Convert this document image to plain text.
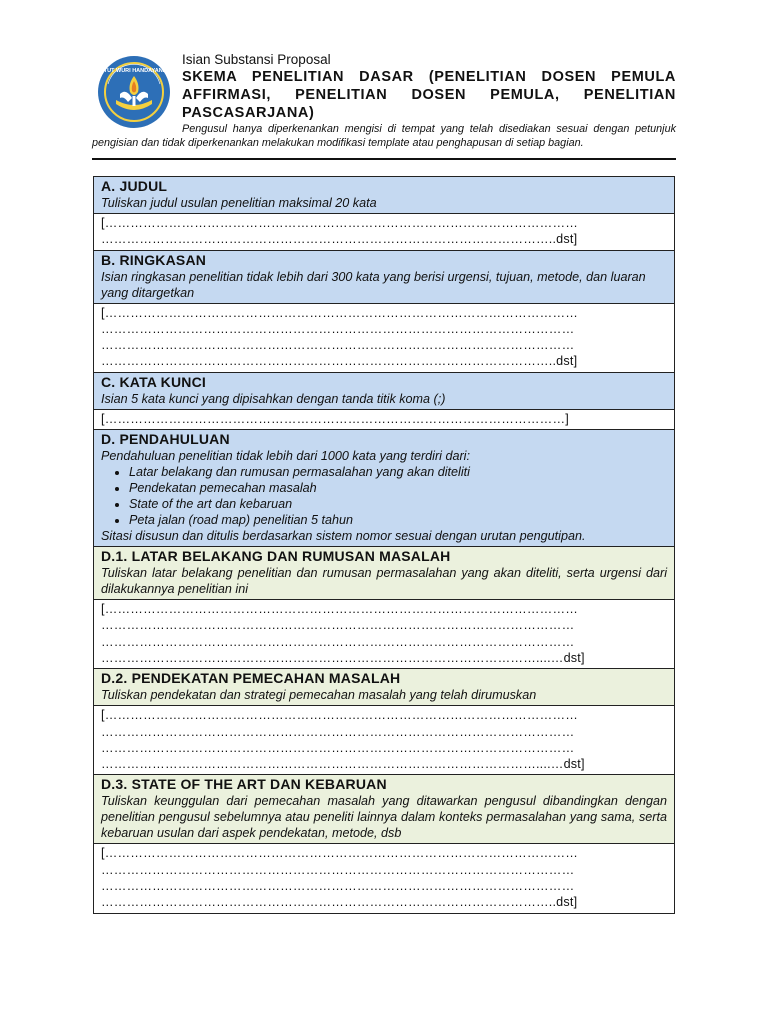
TUT WURI HANDAYANI
Isian Substansi Proposal
SKEMA PENELITIAN DASAR (PENELITIAN DOSEN PEMULA AFFIRMASI, PENELITIAN DOSEN PEMULA, PENELITIAN PASCASARJANA)
Pengusul hanya diperkenankan mengisi di tempat yang telah disediakan sesuai dengan petunjuk pengisian dan tidak diperkenankan melakukan modifikasi template atau penghapusan di setiap bagian.
A. JUDUL
Tuliskan judul usulan penelitian maksimal 20 kata
[…………………………………………………………………………………………………
……………………………………………………………………………………………..dst]
B. RINGKASAN
Isian ringkasan penelitian tidak lebih dari 300 kata yang berisi urgensi, tujuan, metode, dan luaran yang ditargetkan
[…………………………………………………………………………………………………
…………………………………………………………………………………………………
…………………………………………………………………………………………………
……………………………………………………………………………………………..dst]
C. KATA KUNCI
Isian 5 kata kunci yang dipisahkan dengan tanda titik koma (;)
[………………………………………………………………………………………………]
D. PENDAHULUAN
Pendahuluan penelitian tidak lebih dari 1000 kata yang terdiri dari:
• Latar belakang dan rumusan permasalahan yang akan diteliti
• Pendekatan pemecahan masalah
• State of the art dan kebaruan
• Peta jalan (road map) penelitian 5 tahun
Sitasi disusun dan ditulis berdasarkan sistem nomor sesuai dengan urutan pengutipan.
D.1. LATAR BELAKANG DAN RUMUSAN MASALAH
Tuliskan latar belakang penelitian dan rumusan permasalahan yang akan diteliti, serta urgensi dari dilakukannya penelitian ini
[…………………………………………………………………………………………………
…………………………………………………………………………………………………
…………………………………………………………………………………………………
…………………………………………………………………………………………....…dst]
D.2. PENDEKATAN PEMECAHAN MASALAH
Tuliskan pendekatan dan strategi pemecahan masalah yang telah dirumuskan
[…………………………………………………………………………………………………
…………………………………………………………………………………………………
…………………………………………………………………………………………………
…………………………………………………………………………………………....…dst]
D.3. STATE OF THE ART DAN KEBARUAN
Tuliskan keunggulan dari pemecahan masalah yang ditawarkan pengusul dibandingkan dengan penelitian pengusul sebelumnya atau peneliti lainnya dalam konteks permasalahan yang sama, serta kebaruan usulan dari aspek pendekatan, metode, dsb
[…………………………………………………………………………………………………
…………………………………………………………………………………………………
…………………………………………………………………………………………………
……………………………………………………………………………………………..dst]
